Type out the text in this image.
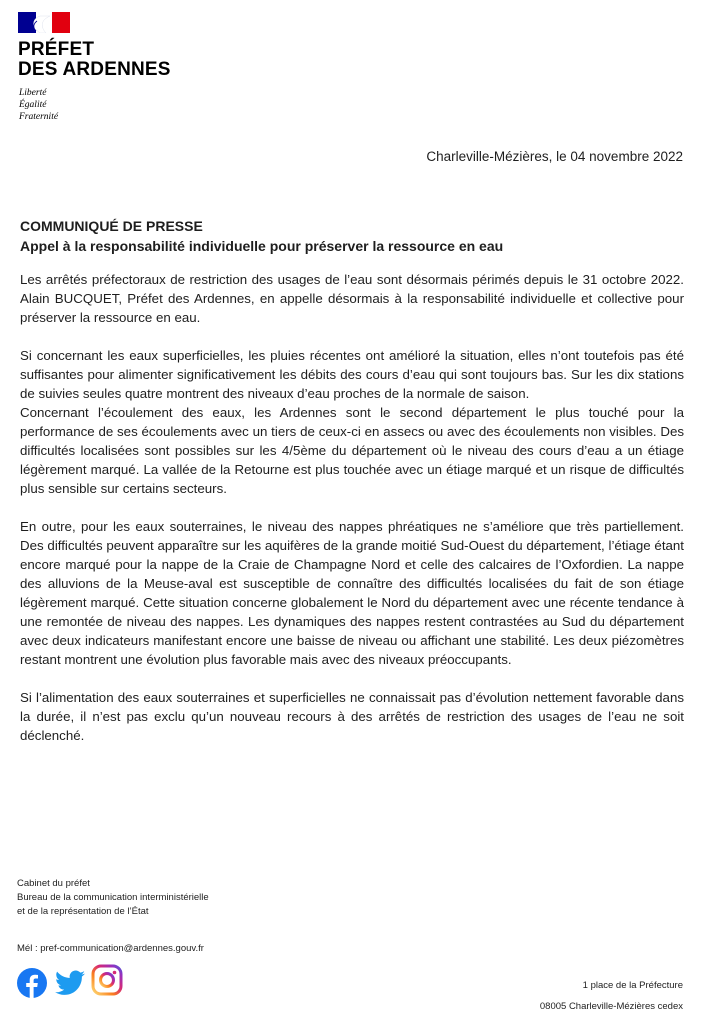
PRÉFET
DES ARDENNES
Liberté
Égalité
Fraternité
Charleville-Mézières, le 04 novembre 2022
COMMUNIQUÉ DE PRESSE
Appel à la responsabilité individuelle pour préserver la ressource en eau

Les arrêtés préfectoraux de restriction des usages de l’eau sont désormais périmés depuis le 31 octobre 2022. Alain BUCQUET, Préfet des Ardennes, en appelle désormais à la responsabilité individuelle et collective pour préserver la ressource en eau.

Si concernant les eaux superficielles, les pluies récentes ont amélioré la situation, elles n’ont toutefois pas été suffisantes pour alimenter significativement les débits des cours d’eau qui sont toujours bas. Sur les dix stations de suivies seules quatre montrent des niveaux d’eau proches de la normale de saison.

Concernant l’écoulement des eaux, les Ardennes sont le second département le plus touché pour la performance de ses écoulements avec un tiers de ceux-ci en assecs ou avec des écoulements non visibles. Des difficultés localisées sont possibles sur les 4/5ème du département où le niveau des cours d’eau a un étiage légèrement marqué. La vallée de la Retourne est plus touchée avec un étiage marqué et un risque de difficultés plus sensible sur certains secteurs.

En outre, pour les eaux souterraines, le niveau des nappes phréatiques ne s’améliore que très partiellement. Des difficultés peuvent apparaître sur les aquifères de la grande moitié Sud-Ouest du département, l’étiage étant encore marqué pour la nappe de la Craie de Champagne Nord et celle des calcaires de l’Oxfordien. La nappe des alluvions de la Meuse-aval est susceptible de connaître des difficultés localisées du fait de son étiage légèrement marqué. Cette situation concerne globalement le Nord du département avec une récente tendance à une remontée de niveau des nappes. Les dynamiques des nappes restent contrastées au Sud du département avec deux indicateurs manifestant encore une baisse de niveau ou affichant une stabilité. Les deux piézomètres restant montrent une évolution plus favorable mais avec des niveaux préoccupants.

Si l’alimentation des eaux souterraines et superficielles ne connaissait pas d’évolution nettement favorable dans la durée, il n’est pas exclu qu’un nouveau recours à des arrêtés de restriction des usages de l’eau ne soit déclenché.

Cabinet du préfet
Bureau de la communication interministérielle
et de la représentation de l’État
Mél : pref-communication@ardennes.gouv.fr
1 place de la Préfecture
08005 Charleville-Mézières cedex
